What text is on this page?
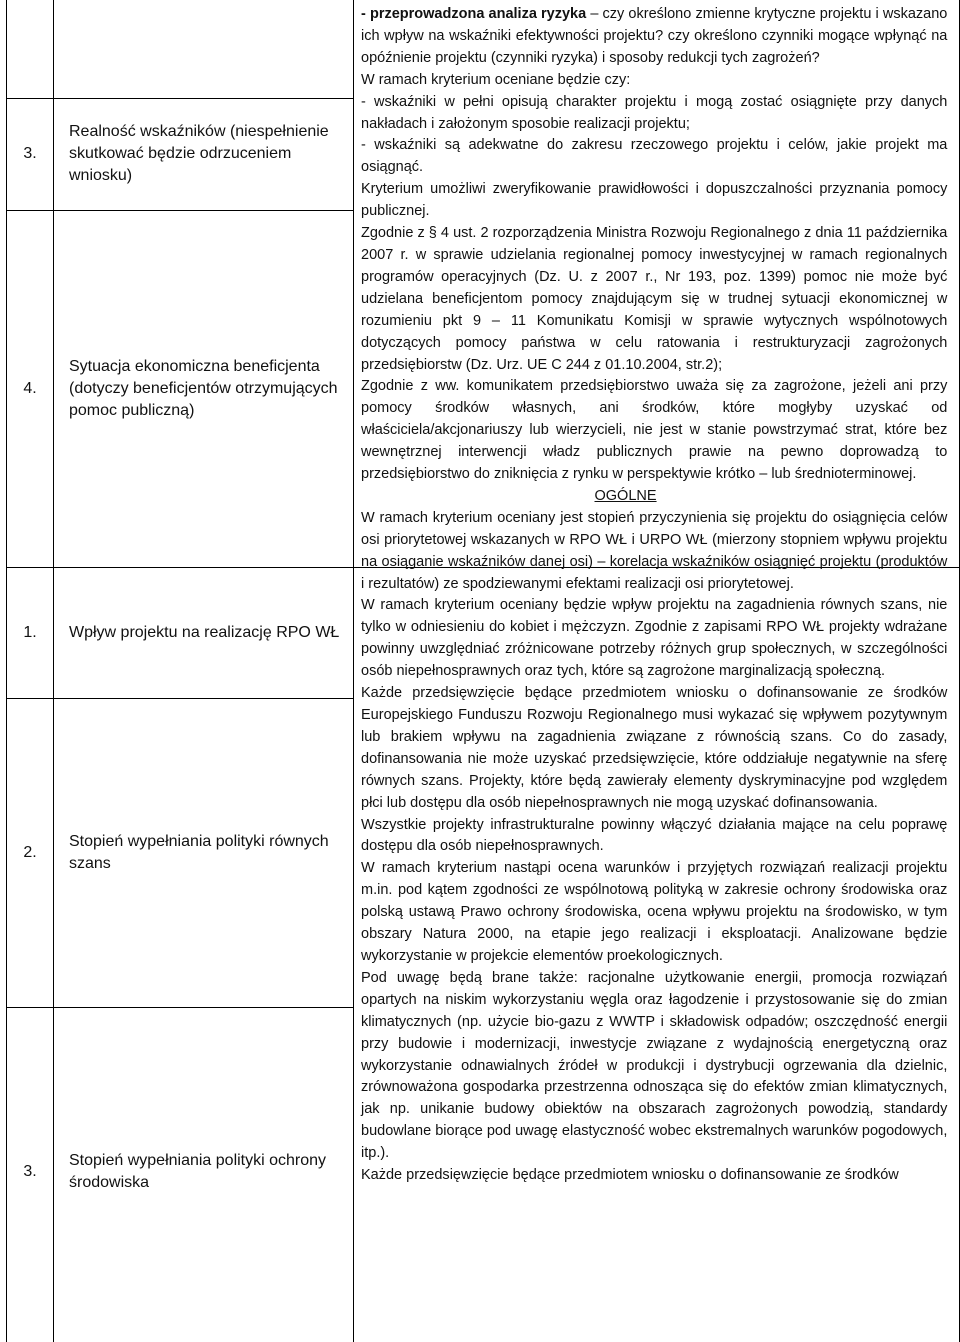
3.
Realność wskaźników (niespełnienie skutkować będzie odrzuceniem wniosku)
4.
Sytuacja ekonomiczna beneficjenta (dotyczy beneficjentów otrzymujących pomoc publiczną)
1.	Wpływ projektu na realizację RPO WŁ
2.
Stopień wypełniania polityki równych szans
3.
Stopień wypełniania polityki ochrony środowiska

- przeprowadzona analiza ryzyka – czy określono zmienne krytyczne projektu i wskazano ich wpływ na wskaźniki efektywności projektu? czy określono czynniki mogące wpłynąć na opóźnienie projektu (czynniki ryzyka) i sposoby redukcji tych zagrożeń?

W ramach kryterium oceniane będzie czy:

- wskaźniki w pełni opisują charakter projektu i mogą zostać osiągnięte przy danych nakładach i założonym sposobie realizacji projektu;

- wskaźniki są adekwatne do zakresu rzeczowego projektu i celów, jakie projekt ma osiągnąć.

Kryterium umożliwi zweryfikowanie prawidłowości i dopuszczalności przyznania pomocy publicznej.

Zgodnie z § 4 ust. 2 rozporządzenia Ministra Rozwoju Regionalnego z dnia 11 października 2007 r. w sprawie udzielania regionalnej pomocy inwestycyjnej w ramach regionalnych programów operacyjnych (Dz. U. z 2007 r., Nr 193, poz. 1399) pomoc nie może być udzielana beneficjentom pomocy znajdującym się w trudnej sytuacji ekonomicznej w rozumieniu pkt 9 – 11 Komunikatu Komisji w sprawie wytycznych wspólnotowych dotyczących pomocy państwa w celu ratowania i restrukturyzacji zagrożonych przedsiębiorstw (Dz. Urz. UE C 244 z 01.10.2004, str.2);

Zgodnie z ww. komunikatem przedsiębiorstwo uważa się za zagrożone, jeżeli ani przy pomocy środków własnych, ani środków, które mogłyby uzyskać od właściciela/akcjonariuszy lub wierzycieli, nie jest w stanie powstrzymać strat, które bez wewnętrznej interwencji władz publicznych prawie na pewno doprowadzą to przedsiębiorstwo do zniknięcia z rynku w perspektywie krótko – lub średnioterminowej.

OGÓLNE

W ramach kryterium oceniany jest stopień przyczynienia się projektu do osiągnięcia celów osi priorytetowej wskazanych w RPO WŁ i URPO WŁ (mierzony stopniem wpływu projektu na osiąganie wskaźników danej osi) – korelacja wskaźników osiągnięć projektu (produktów i rezultatów) ze spodziewanymi efektami realizacji osi priorytetowej.

W ramach kryterium oceniany będzie wpływ projektu na zagadnienia równych szans, nie tylko w odniesieniu do kobiet i mężczyzn. Zgodnie z zapisami RPO WŁ projekty wdrażane powinny uwzględniać zróżnicowane potrzeby różnych grup społecznych, w szczególności osób niepełnosprawnych oraz tych, które są zagrożone marginalizacją społeczną.

Każde przedsięwzięcie będące przedmiotem wniosku o dofinansowanie ze środków Europejskiego Funduszu Rozwoju Regionalnego musi wykazać się wpływem pozytywnym lub brakiem wpływu na zagadnienia związane z równością szans. Co do zasady, dofinansowania nie może uzyskać przedsięwzięcie, które oddziałuje negatywnie na sferę równych szans. Projekty, które będą zawierały elementy dyskryminacyjne pod względem płci lub dostępu dla osób niepełnosprawnych nie mogą uzyskać dofinansowania.

Wszystkie projekty infrastrukturalne powinny włączyć działania mające na celu poprawę dostępu dla osób niepełnosprawnych.

W ramach kryterium nastąpi ocena warunków i przyjętych rozwiązań realizacji projektu m.in. pod kątem zgodności ze wspólnotową polityką w zakresie ochrony środowiska oraz polską ustawą Prawo ochrony środowiska, ocena wpływu projektu na środowisko, w tym obszary Natura 2000, na etapie jego realizacji i eksploatacji. Analizowane będzie wykorzystanie w projekcie elementów proekologicznych.

Pod uwagę będą brane także: racjonalne użytkowanie energii, promocja rozwiązań opartych na niskim wykorzystaniu węgla oraz łagodzenie i przystosowanie się do zmian klimatycznych (np. użycie bio-gazu z WWTP i składowisk odpadów; oszczędność energii przy budowie i modernizacji, inwestycje związane z wydajnością energetyczną oraz wykorzystanie odnawialnych źródeł w produkcji i dystrybucji ogrzewania dla dzielnic, zrównoważona gospodarka przestrzenna odnosząca się do efektów zmian klimatycznych, jak np. unikanie budowy obiektów na obszarach zagrożonych powodzią, standardy budowlane biorące pod uwagę elastyczność wobec ekstremalnych warunków pogodowych, itp.).

Każde przedsięwzięcie będące przedmiotem wniosku o dofinansowanie ze środków
